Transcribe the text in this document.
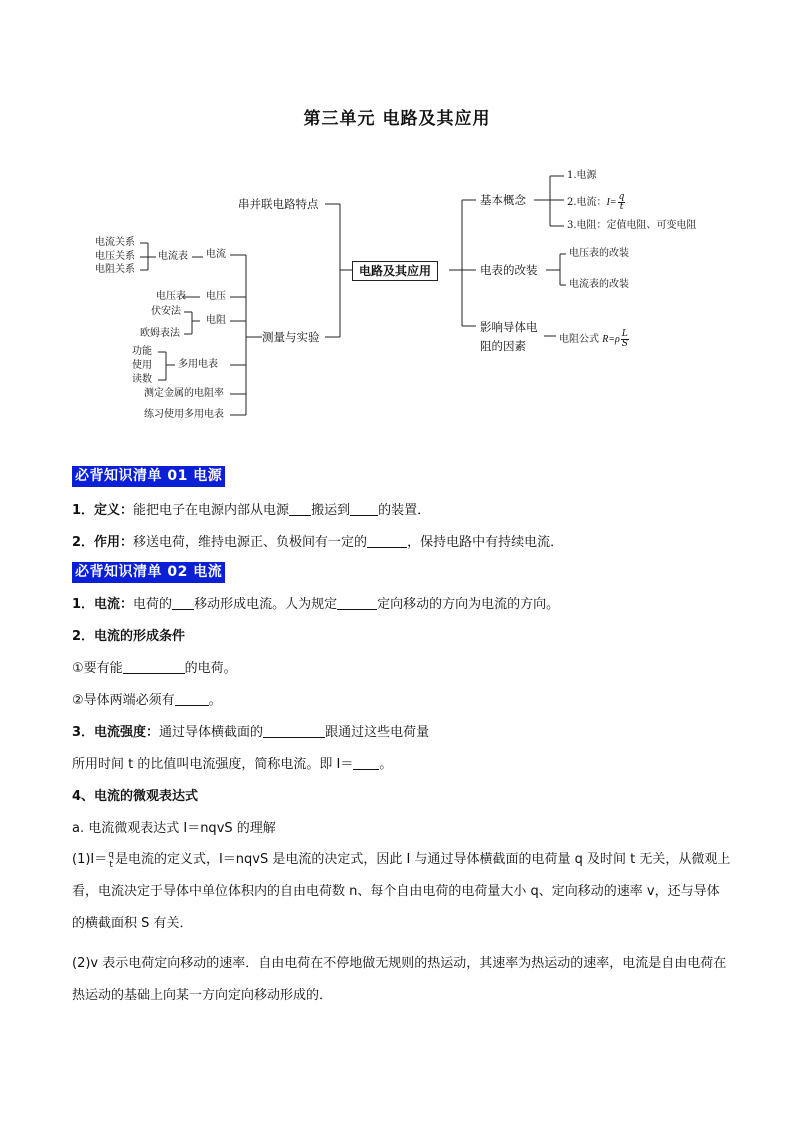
第三单元 电路及其应用
电路及其应用
串并联电路特点
测量与实验
电流关系
电压关系
电阻关系
电流表 电流
电压表 电压
伏安法
欧姆表法
电阻
功能
使用
读数
多用电表
测定金属的电阻率
练习使用多用电表
基本概念
1.电源
2.电流：$I= \frac{q}{t}$
3.电阻：定值电阻、可变电阻
电表的改装
电压表的改装
电流表的改装
影响导体电
阻的因素	电阻公式 $R=\rho \frac{L}{S}$
必背知识清单 01 电源
1．定义：能把电子在电源内部从电源 搬运到 的装置．
2．作用：移送电荷，维持电源正、负极间有一定的	，保持电路中有持续电流．
必背知识清单 02 电流
1．电流：电荷的 移动形成电流。人为规定	定向移动的方向为电流的方向。
2．电流的形成条件
①要有能	的电荷。
②导体两端必须有	。
3．电流强度：通过导体横截面的	跟通过这些电荷量
所用时间 t 的比值叫电流强度，简称电流。即 I＝ 。
4、电流的微观表达式
a. 电流微观表达式 I＝nqvS 的理解
(1)I＝ q
t 是电流的定义式，I＝nqvS 是电流的决定式，因此 I 与通过导体横截面的电荷量 q 及时间 t 无关，从微观上看，电流决定于导体中单位体积内的自由电荷数 n、每个自由电荷的电荷量大小 q、定向移动的速率 v，还与导体的横截面积 S 有关．
(2)v 表示电荷定向移动的速率．自由电荷在不停地做无规则的热运动，其速率为热运动的速率，电流是自由电荷在热运动的基础上向某一方向定向移动形成的．
